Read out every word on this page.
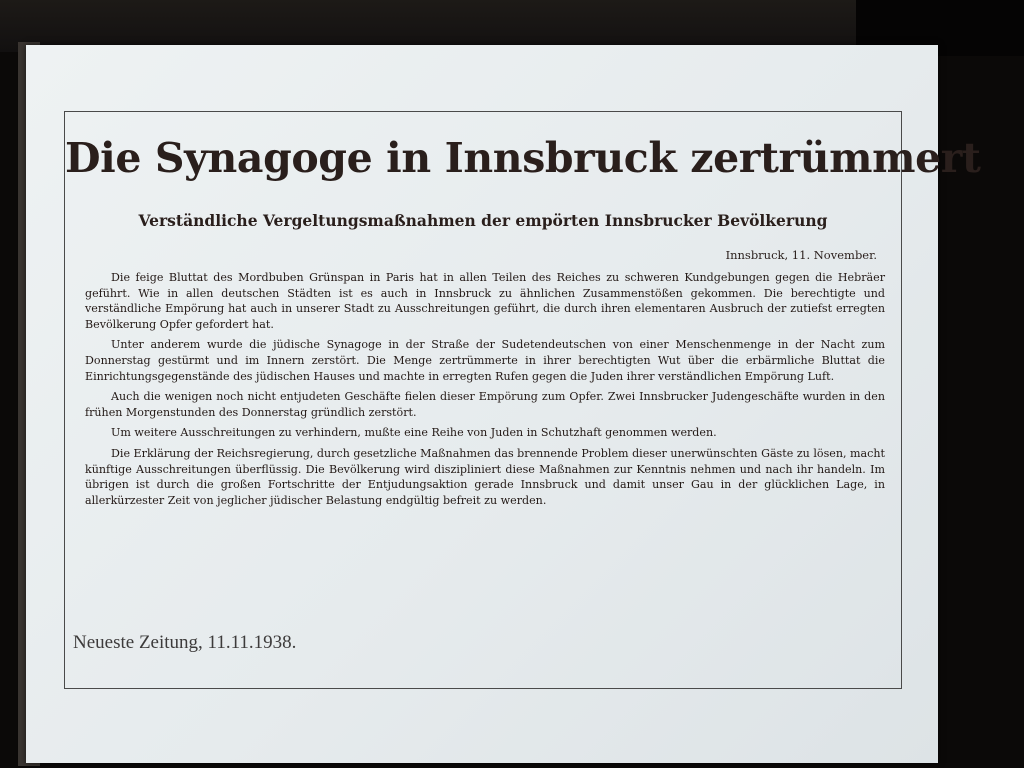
Die Synagoge in Innsbruck zertrümmert
Verständliche Vergeltungsmaßnahmen der empörten Innsbrucker Bevölkerung
Innsbruck, 11. November.

Die feige Bluttat des Mordbuben Grünspan in Paris hat in allen Teilen des Reiches zu schweren Kundgebungen gegen die Hebräer geführt. Wie in allen deutschen Städten ist es auch in Innsbruck zu ähnlichen Zusammenstößen gekommen. Die berechtigte und verständliche Empörung hat auch in unserer Stadt zu Ausschreitungen geführt, die durch ihren elementaren Ausbruch der zutiefst erregten Bevölkerung Opfer gefordert hat.

Unter anderem wurde die jüdische Synagoge in der Straße der Sudetendeutschen von einer Menschenmenge in der Nacht zum Donnerstag gestürmt und im Innern zerstört. Die Menge zertrümmerte in ihrer berechtigten Wut über die erbärmliche Bluttat die Einrichtungsgegenstände des jüdischen Hauses und machte in erregten Rufen gegen die Juden ihrer verständlichen Empörung Luft.

Auch die wenigen noch nicht entjudeten Geschäfte fielen dieser Empörung zum Opfer. Zwei Innsbrucker Judengeschäfte wurden in den frühen Morgenstunden des Donnerstag gründlich zerstört.

Um weitere Ausschreitungen zu verhindern, mußte eine Reihe von Juden in Schutzhaft genommen werden.

Die Erklärung der Reichsregierung, durch gesetzliche Maßnahmen das brennende Problem dieser unerwünschten Gäste zu lösen, macht künftige Ausschreitungen überflüssig. Die Bevölkerung wird diszipliniert diese Maßnahmen zur Kenntnis nehmen und nach ihr handeln. Im übrigen ist durch die großen Fortschritte der Entjudungsaktion gerade Innsbruck und damit unser Gau in der glücklichen Lage, in allerkürzester Zeit von jeglicher jüdischer Belastung endgültig befreit zu werden.

Neueste Zeitung, 11.11.1938.
